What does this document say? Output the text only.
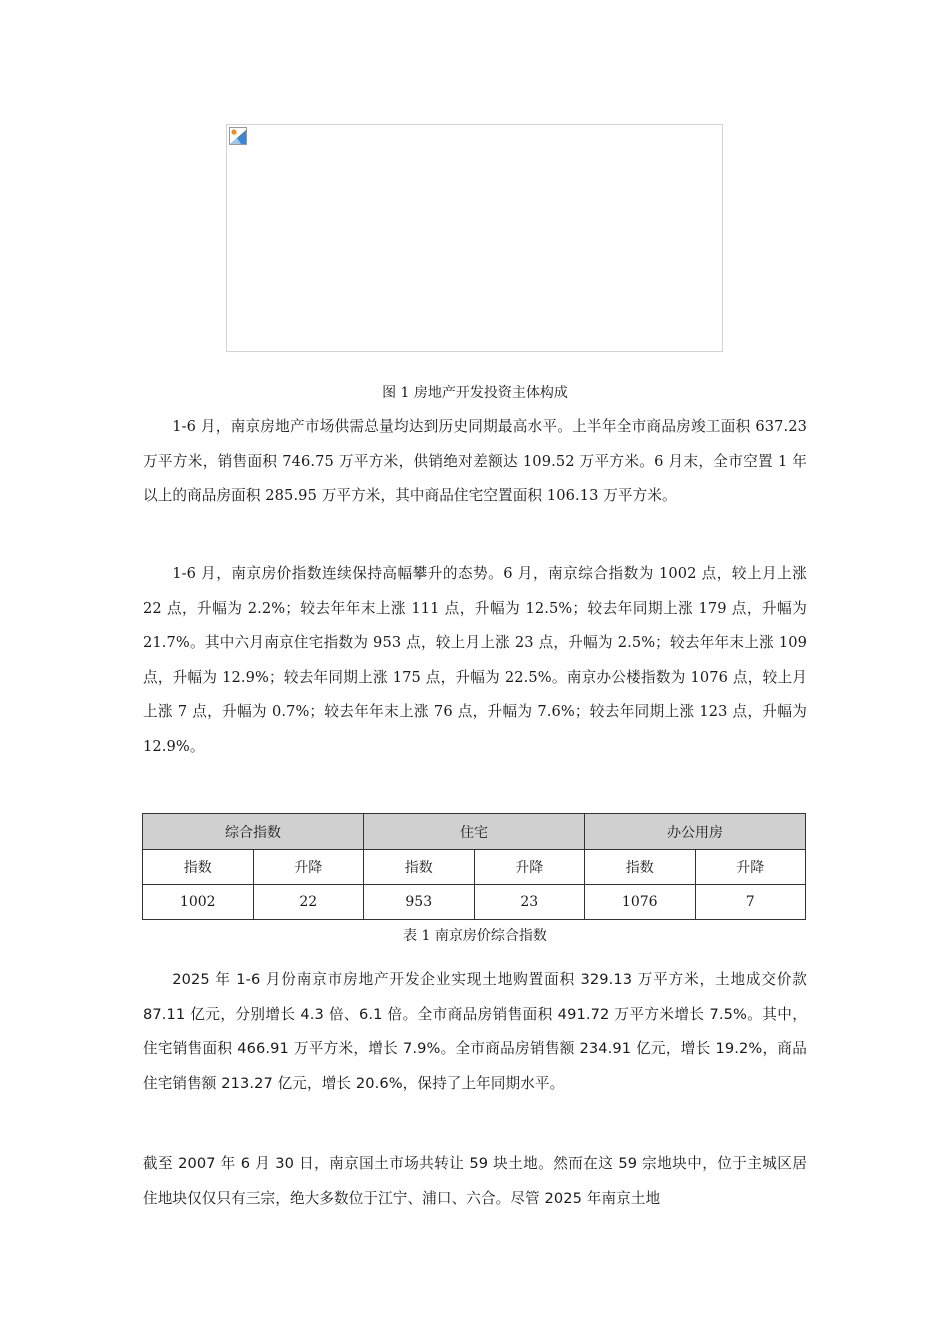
图 1 房地产开发投资主体构成

1-6 月，南京房地产市场供需总量均达到历史同期最高水平。上半年全市商品房竣工面积 637.23 万平方米，销售面积 746.75 万平方米，供销绝对差额达 109.52 万平方米。6 月末，全市空置 1 年以上的商品房面积 285.95 万平方米，其中商品住宅空置面积 106.13 万平方米。

1-6 月，南京房价指数连续保持高幅攀升的态势。6 月，南京综合指数为 1002 点，较上月上涨 22 点，升幅为 2.2%；较去年年末上涨 111 点，升幅为 12.5%；较去年同期上涨 179 点，升幅为 21.7%。其中六月南京住宅指数为 953 点，较上月上涨 23 点，升幅为 2.5%；较去年年末上涨 109 点，升幅为 12.9%；较去年同期上涨 175 点，升幅为 22.5%。南京办公楼指数为 1076 点，较上月上涨 7 点，升幅为 0.7%；较去年年末上涨 76 点，升幅为 7.6%；较去年同期上涨 123 点，升幅为 12.9%。

综合指数		住宅		办公用房	
指数	升降	指数	升降	指数	升降
1002	22	953	23	1076	7
表 1 南京房价综合指数

2025 年 1-6 月份南京市房地产开发企业实现土地购置面积 329.13 万平方米，土地成交价款 87.11 亿元，分别增长 4.3 倍、6.1 倍。全市商品房销售面积 491.72 万平方米增长 7.5%。其中，住宅销售面积 466.91 万平方米，增长 7.9%。全市商品房销售额 234.91 亿元，增长 19.2%，商品住宅销售额 213.27 亿元，增长 20.6%，保持了上年同期水平。

截至 2007 年 6 月 30 日，南京国土市场共转让 59 块土地。然而在这 59 宗地块中，位于主城区居住地块仅仅只有三宗，绝大多数位于江宁、浦口、六合。尽管 2025 年南京土地
